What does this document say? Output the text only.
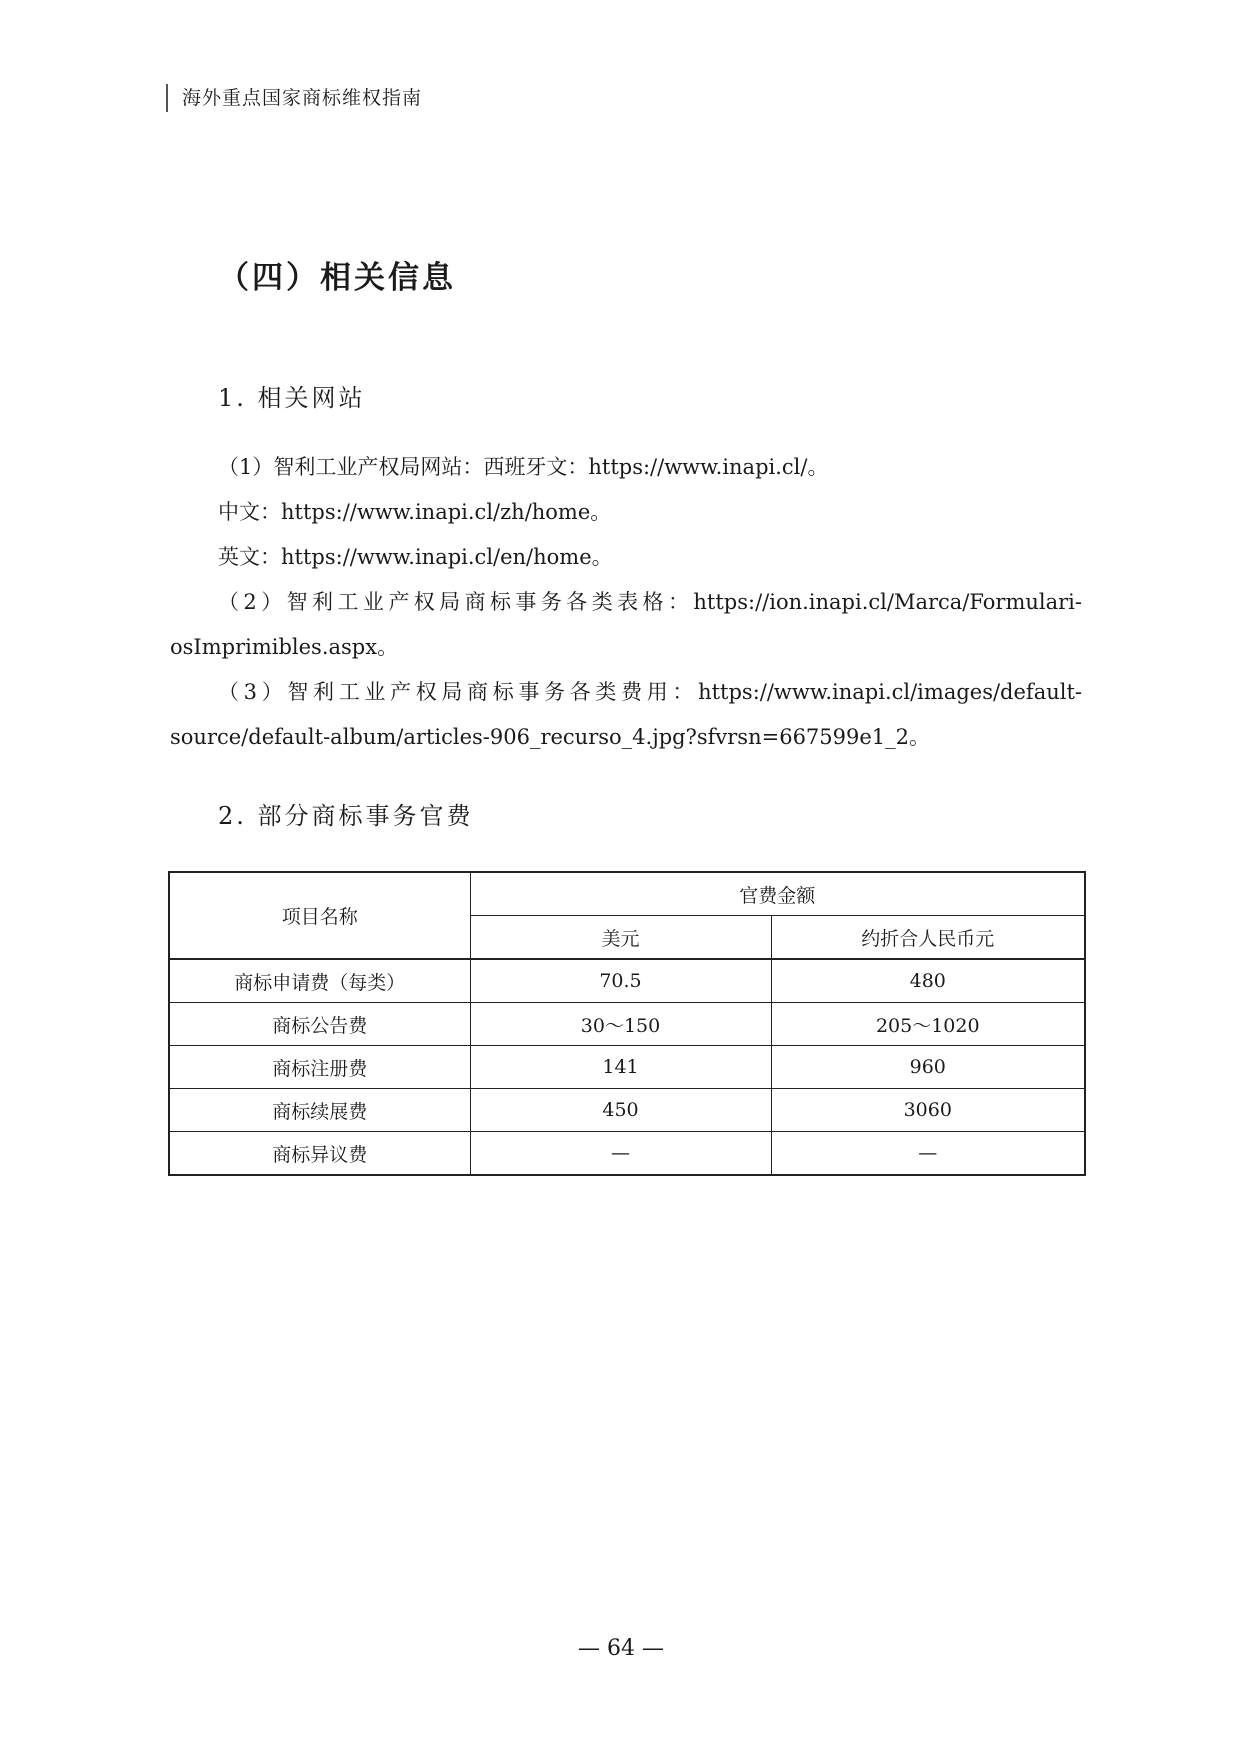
海外重点国家商标维权指南
（四）相关信息
1. 相关网站

（1）智利工业产权局网站：西班牙文：https://www.inapi.cl/。

中文：https://www.inapi.cl/zh/home。

英文：https://www.inapi.cl/en/home。

（2）智利工业产权局商标事务各类表格：https://ion.inapi.cl/Marca/Formulari-osImprimibles.aspx。

（3）智利工业产权局商标事务各类费用：https://www.inapi.cl/images/default-source/default-album/articles-906_recurso_4.jpg?sfvrsn=667599e1_2。

2. 部分商标事务官费
项目名称	官费金额	
	美元	约折合人民币元
商标申请费（每类）	70.5	480
商标公告费	30～150	205～1020
商标注册费	141	960
商标续展费	450	3060
商标异议费	—	—
— 64 —
